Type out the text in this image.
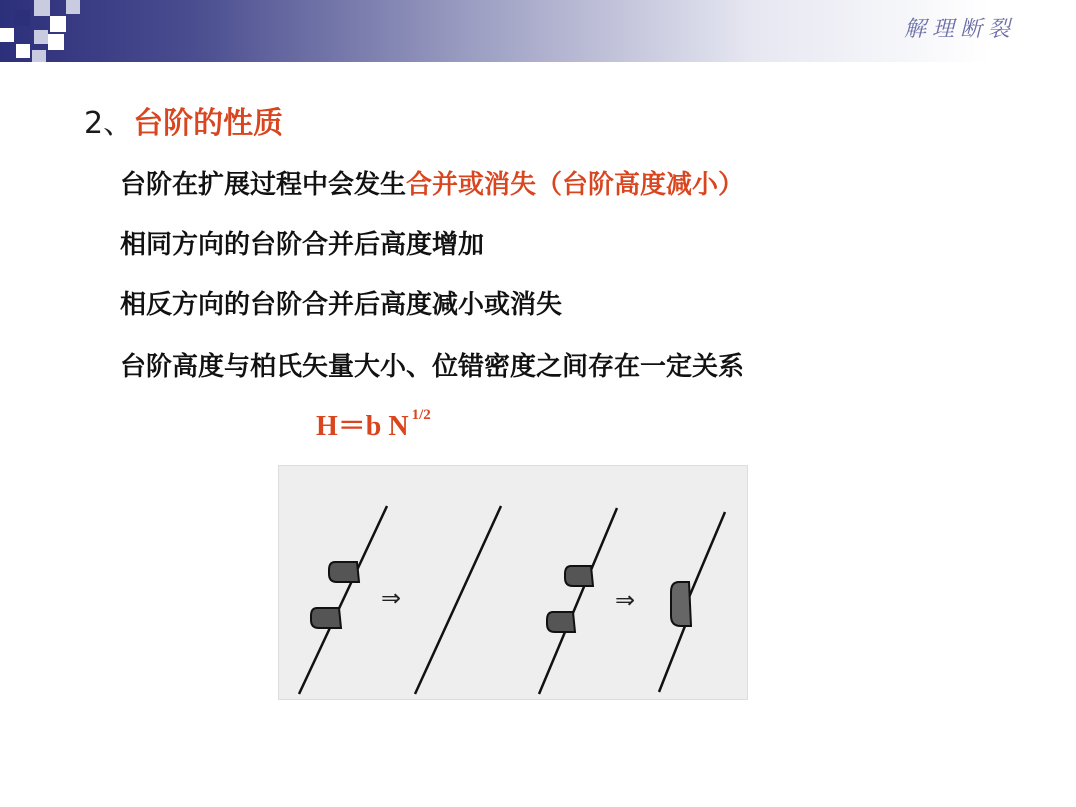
解理断裂
2、台阶的性质
台阶在扩展过程中会发生合并或消失（台阶高度减小）
相同方向的台阶合并后高度增加
相反方向的台阶合并后高度减小或消失
台阶高度与柏氏矢量大小、位错密度之间存在一定关系
H＝b N $^{1/2}$
⇒	⇒
